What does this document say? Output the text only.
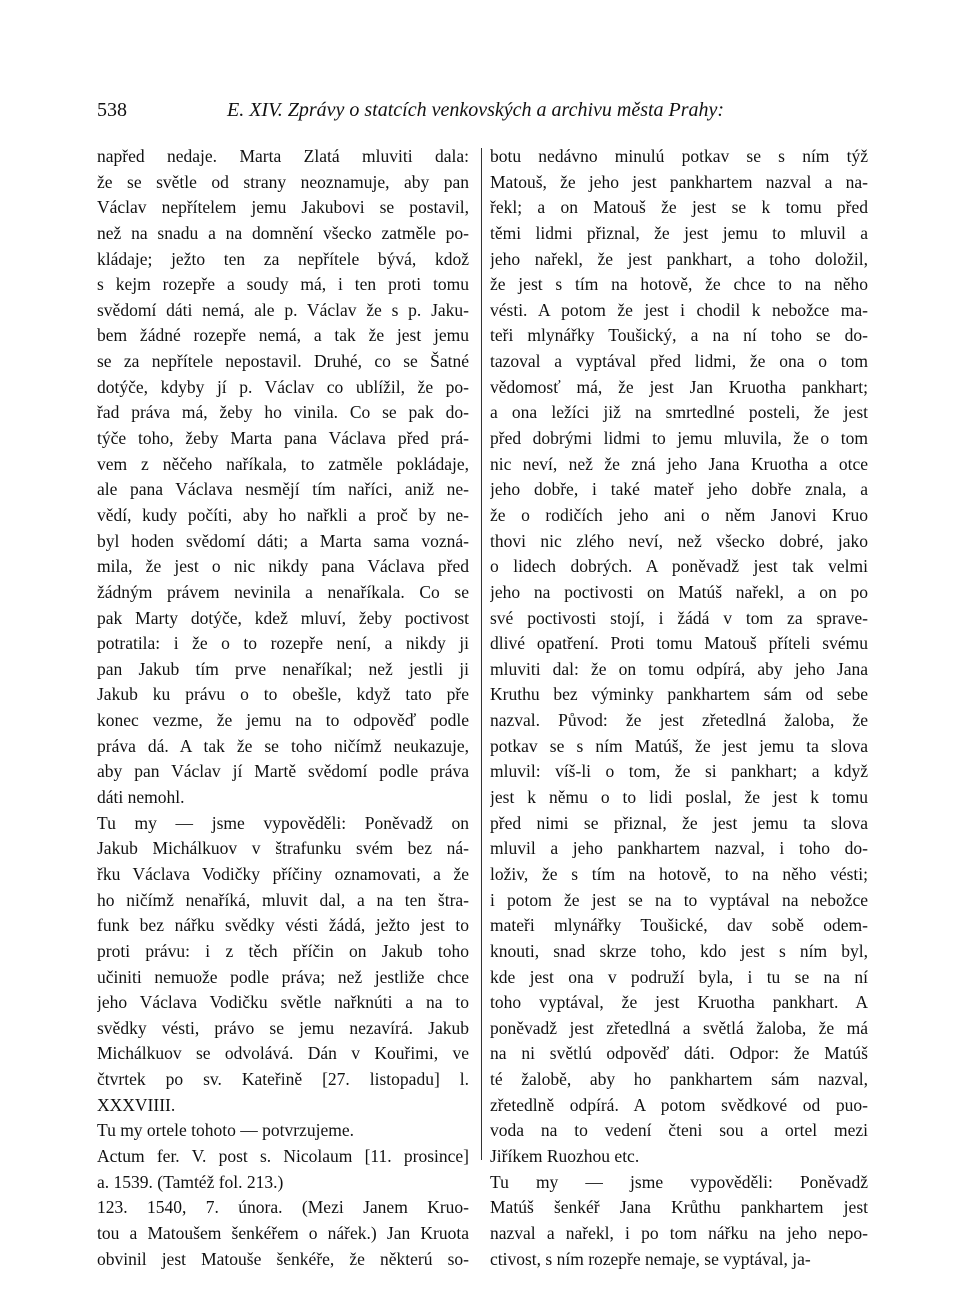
538	E. XIV. Zprávy o statcích venkovských a archivu města Prahy:
napřed nedaje. Marta Zlatá mluviti dala:
že se světle od strany neoznamuje, aby pan
Václav nepřítelem jemu Jakubovi se postavil,
než na snadu a na domnění všecko zatměle po-
kládaje; ježto ten za nepřítele bývá, kdož
s kejm rozepře a soudy má, i ten proti tomu
svědomí dáti nemá, ale p. Václav že s p. Jaku-
bem žádné rozepře nemá, a tak že jest jemu
se za nepřítele nepostavil. Druhé, co se Šatné
dotýče, kdyby jí p. Václav co ublížil, že po-
řad práva má, žeby ho vinila. Co se pak do-
týče toho, žeby Marta pana Václava před prá-
vem z něčeho naříkala, to zatměle pokládaje,
ale pana Václava nesmějí tím naříci, aniž ne-
vědí, kudy počíti, aby ho nařkli a proč by ne-
byl hoden svědomí dáti; a Marta sama vozná-
mila, že jest o nic nikdy pana Václava před
žádným právem nevinila a nenaříkala. Co se
pak Marty dotýče, kdež mluví, žeby poctivost
potratila: i že o to rozepře není, a nikdy ji
pan Jakub tím prve nenaříkal; než jestli ji
Jakub ku právu o to obešle, když tato pře
konec vezme, že jemu na to odpověď podle
práva dá. A tak že se toho ničímž neukazuje,
aby pan Václav jí Martě svědomí podle práva
dáti nemohl.
Tu my — jsme vypověděli: Poněvadž on
Jakub Michálkuov v štrafunku svém bez ná-
řku Václava Vodičky příčiny oznamovati, a že
ho ničímž nenaříká, mluvit dal, a na ten štra-
funk bez nářku svědky vésti žádá, ježto jest to
proti právu: i z těch příčin on Jakub toho
učiniti nemuože podle práva; než jestliže chce
jeho Václava Vodičku světle nařknúti a na to
svědky vésti, právo se jemu nezavírá. Jakub
Michálkuov se odvolává. Dán v Kouřimi, ve
čtvrtek po sv. Kateřině [27. listopadu] l.
XXXVIIII.
Tu my ortele tohoto — potvrzujeme.
Actum fer. V. post s. Nicolaum [11. prosince]
a. 1539. (Tamtéž fol. 213.)
123. 1540, 7. února. (Mezi Janem Kruo-
tou a Matoušem šenkéřem o nářek.) Jan Kruota
obvinil jest Matouše šenkéře, že některú so-
botu nedávno minulú potkav se s ním týž
Matouš, že jeho jest pankhartem nazval a na-
řekl; a on Matouš že jest se k tomu před
těmi lidmi přiznal, že jest jemu to mluvil a
jeho nařekl, že jest pankhart, a toho doložil,
že jest s tím na hotově, že chce to na něho
vésti. A potom že jest i chodil k nebožce ma-
teři mlynářky Toušický, a na ní toho se do-
tazoval a vyptával před lidmi, že ona o tom
vědomosť má, že jest Jan Kruotha pankhart;
a ona ležíci již na smrtedlné posteli, že jest
před dobrými lidmi to jemu mluvila, že o tom
nic neví, než že zná jeho Jana Kruotha a otce
jeho dobře, i také mateř jeho dobře znala, a
že o rodičích jeho ani o něm Janovi Kruo
thovi nic zlého neví, než všecko dobré, jako
o lidech dobrých. A poněvadž jest tak velmi
jeho na poctivosti on Matúš nařekl, a on po
své poctivosti stojí, i žádá v tom za sprave-
dlivé opatření. Proti tomu Matouš příteli svému
mluviti dal: že on tomu odpírá, aby jeho Jana
Kruthu bez výminky pankhartem sám od sebe
nazval. Původ: že jest zřetedlná žaloba, že
potkav se s ním Matúš, že jest jemu ta slova
mluvil: víš-li o tom, že si pankhart; a když
jest k němu o to lidi poslal, že jest k tomu
před nimi se přiznal, že jest jemu ta slova
mluvil a jeho pankhartem nazval, i toho do-
loživ, že s tím na hotově, to na něho vésti;
i potom že jest se na to vyptával na nebožce
mateři mlynářky Toušické, dav sobě odem-
knouti, snad skrze toho, kdo jest s ním byl,
kde jest ona v podruží byla, i tu se na ní
toho vyptával, že jest Kruotha pankhart. A
poněvadž jest zřetedlná a světlá žaloba, že má
na ni světlú odpověď dáti. Odpor: že Matúš
té žalobě, aby ho pankhartem sám nazval,
zřetedlně odpírá. A potom svědkové od puo-
voda na to vedení čteni sou a ortel mezi
Jiříkem Ruozhou etc.
Tu my — jsme vypověděli: Poněvadž
Matúš šenkéř Jana Krůthu pankhartem jest
nazval a nařekl, i po tom nářku na jeho nepo-
ctivost, s ním rozepře nemaje, se vyptával, ja-
